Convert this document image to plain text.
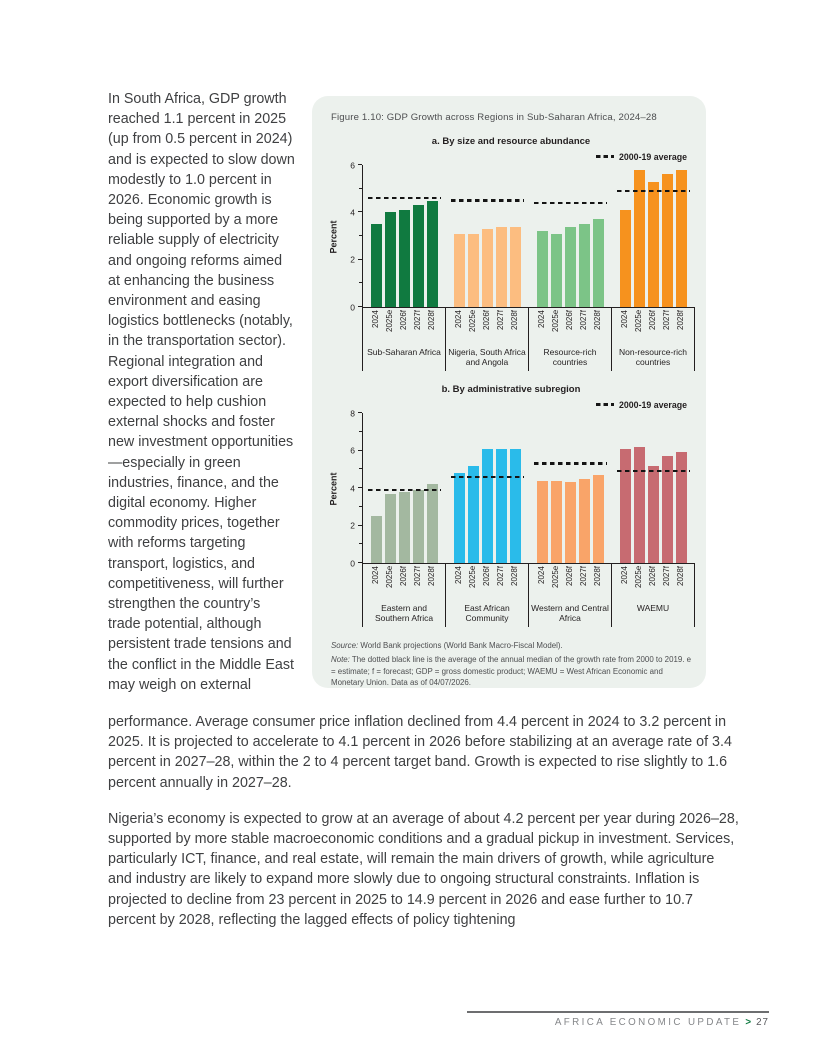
In South Africa, GDP growth reached 1.1 percent in 2025 (up from 0.5 percent in 2024) and is expected to slow down modestly to 1.0 percent in 2026. Economic growth is being supported by a more reliable supply of electricity and ongoing reforms aimed at enhancing the business environment and easing logistics bottlenecks (notably, in the transportation sector). Regional integration and export diversification are expected to help cushion external shocks and foster new investment opportunities—especially in green industries, finance, and the digital economy. Higher commodity prices, together with reforms targeting transport, logistics, and competitiveness, will further strengthen the country’s trade potential, although persistent trade tensions and the conflict in the Middle East may weigh on external
Figure 1.10: GDP Growth across Regions in Sub-Saharan Africa, 2024–28
a. By size and resource abundance
2000-19 average
Percent
0
2
4
6
2024 2025e 2026f 2027f 2028f
Sub-Saharan Africa
2024 2025e 2026f 2027f 2028f
Nigeria, South Africa and Angola
2024 2025e 2026f 2027f 2028f
Resource-rich countries
2024 2025e 2026f 2027f 2028f
Non-resource-rich countries
b. By administrative subregion
2000-19 average
Percent
0
2
4
6
8
2024 2025e 2026f 2027f 2028f
Eastern and Southern Africa
2024 2025e 2026f 2027f 2028f
East African Community
2024 2025e 2026f 2027f 2028f
Western and Central Africa
2024 2025e 2026f 2027f 2028f
WAEMU
Source: World Bank projections (World Bank Macro-Fiscal Model).
Note: The dotted black line is the average of the annual median of the growth rate from 2000 to 2019. e = estimate; f = forecast; GDP = gross domestic product; WAEMU = West African Economic and Monetary Union. Data as of 04/07/2026.
performance. Average consumer price inflation declined from 4.4 percent in 2024 to 3.2 percent in 2025. It is projected to accelerate to 4.1 percent in 2026 before stabilizing at an average rate of 3.4 percent in 2027–28, within the 2 to 4 percent target band. Growth is expected to rise slightly to 1.6 percent annually in 2027–28.
Nigeria’s economy is expected to grow at an average of about 4.2 percent per year during 2026–28, supported by more stable macroeconomic conditions and a gradual pickup in investment. Services, particularly ICT, finance, and real estate, will remain the main drivers of growth, while agriculture and industry are likely to expand more slowly due to ongoing structural constraints. Inflation is projected to decline from 23 percent in 2025 to 14.9 percent in 2026 and ease further to 10.7 percent by 2028, reflecting the lagged effects of policy tightening
AFRICA ECONOMIC UPDATE > 27
